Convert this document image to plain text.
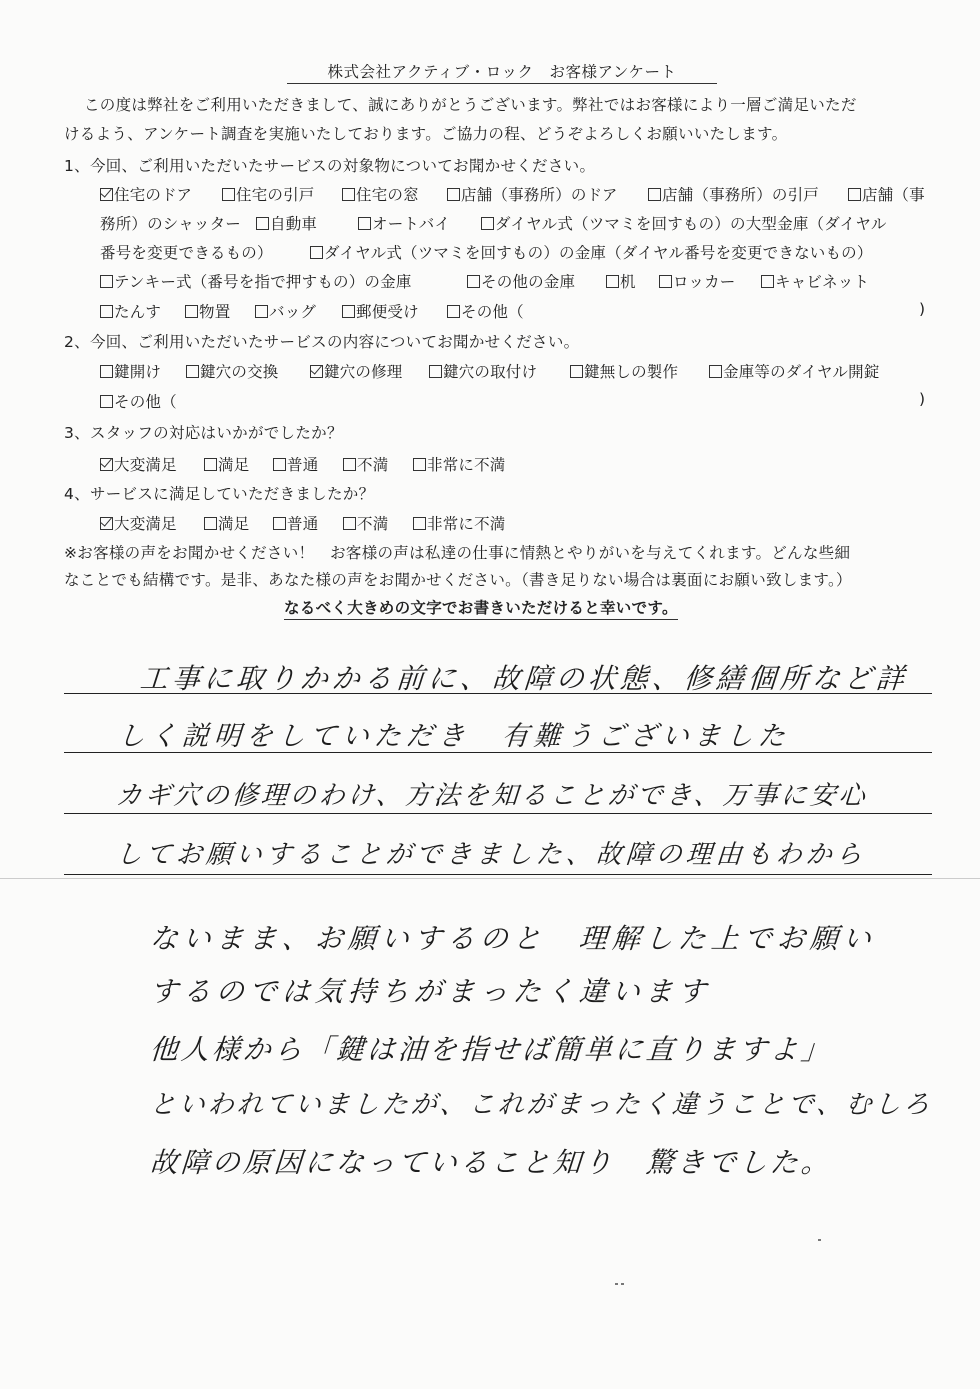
株式会社アクティブ・ロック　お客様アンケート
この度は弊社をご利用いただきまして、誠にありがとうございます。弊社ではお客様により一層ご満足いただ
けるよう、アンケート調査を実施いたしております。ご協力の程、どうぞよろしくお願いいたします。
1、今回、ご利用いただいたサービスの対象物についてお聞かせください。
住宅のドア	住宅の引戸	住宅の窓	店舗（事務所）のドア	店舗（事務所）の引戸	店舗（事
務所）のシャッター	自動車	オートバイ	ダイヤル式（ツマミを回すもの）の大型金庫（ダイヤル
番号を変更できるもの）	ダイヤル式（ツマミを回すもの）の金庫（ダイヤル番号を変更できないもの）
テンキー式（番号を指で押すもの）の金庫	その他の金庫	机	ロッカー	キャビネット
たんす	物置	バッグ	郵便受け	その他（	)
2、今回、ご利用いただいたサービスの内容についてお聞かせください。
鍵開け	鍵穴の交換	鍵穴の修理	鍵穴の取付け	鍵無しの製作	金庫等のダイヤル開錠
その他（	)
3、スタッフの対応はいかがでしたか？
大変満足	満足	普通	不満	非常に不満
4、サービスに満足していただきましたか？
大変満足	満足	普通	不満	非常に不満
※お客様の声をお聞かせください！　お客様の声は私達の仕事に情熱とやりがいを与えてくれます。どんな些細
なことでも結構です。是非、あなた様の声をお聞かせください。（書き足りない場合は裏面にお願い致します。）
なるべく大きめの文字でお書きいただけると幸いです。
工事に取りかかる前に、故障の状態、修繕個所など詳
しく説明をしていただき　有難うございました
カギ穴の修理のわけ、方法を知ることができ、万事に安心
してお願いすることができました、故障の理由もわから
ないまま、お願いするのと　理解した上でお願い
するのでは気持ちがまったく違います
他人様から「鍵は油を指せば簡単に直りますよ」
といわれていましたが、これがまったく違うことで、むしろ
故障の原因になっていること知り　驚きでした。
